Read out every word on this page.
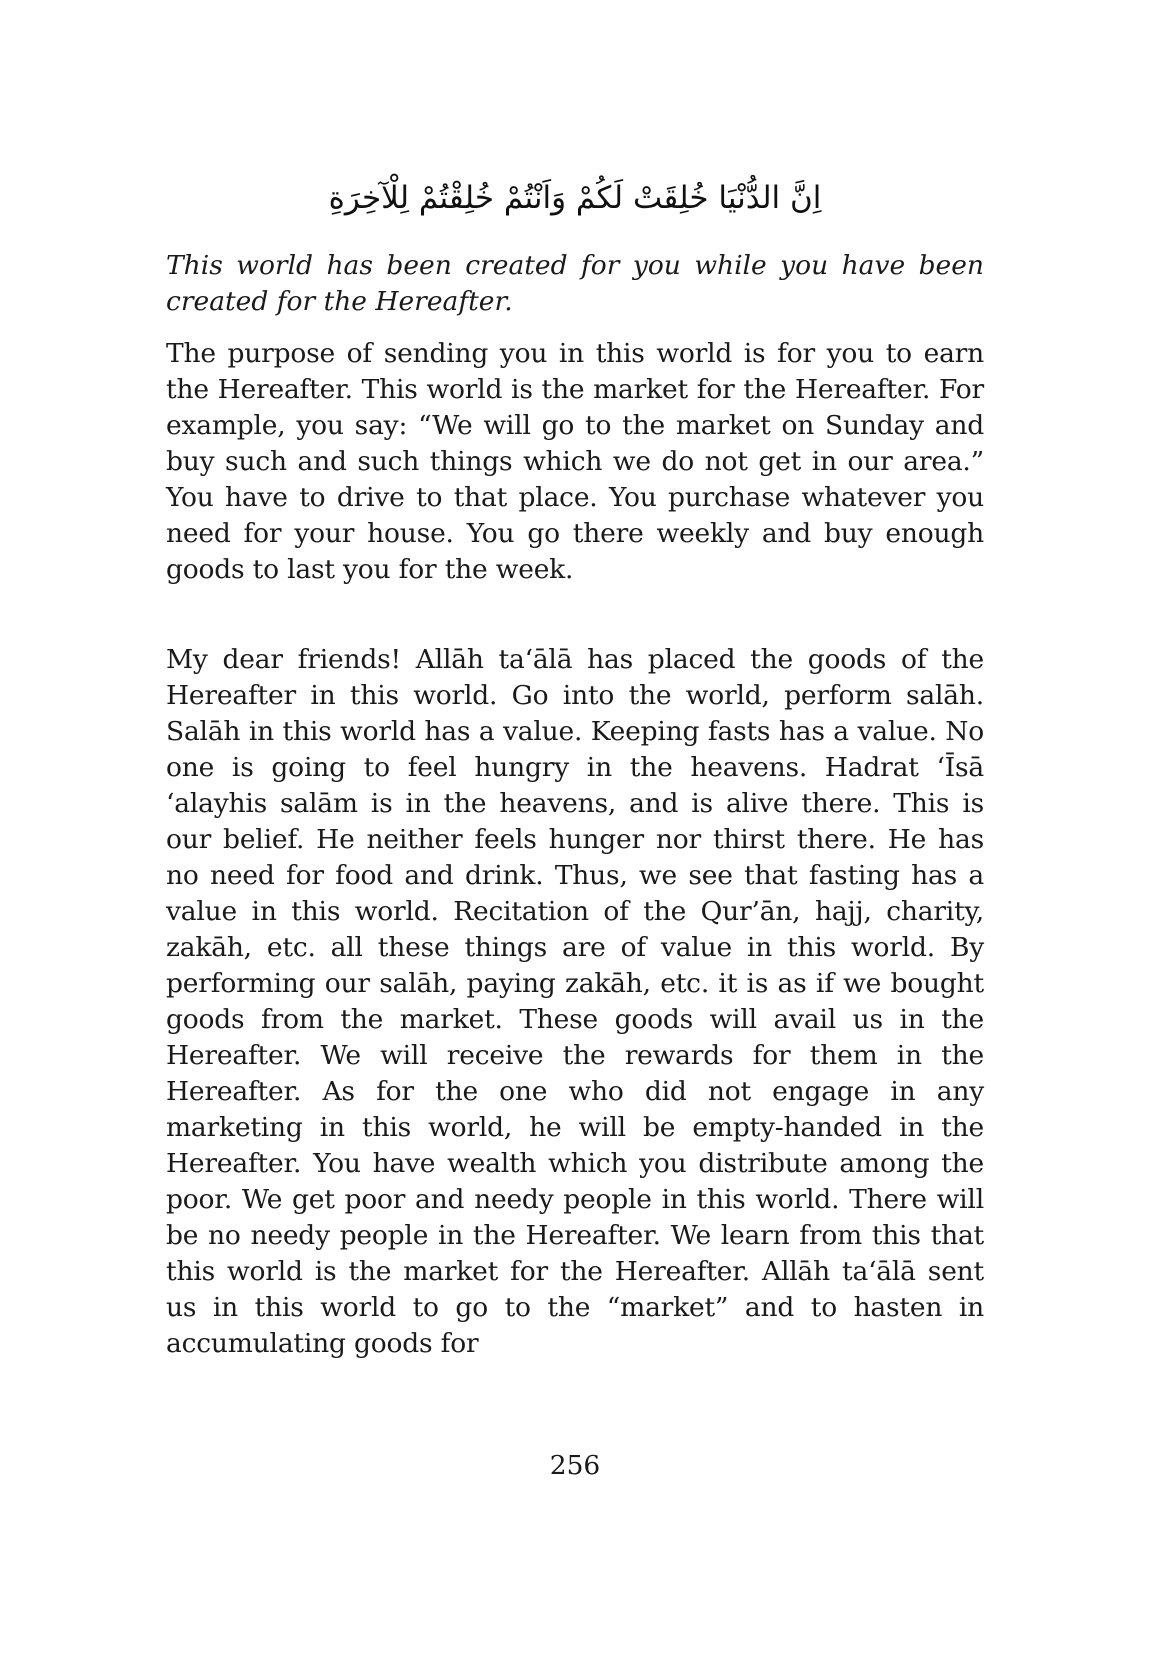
اِنَّ الدُّنْيَا خُلِقَتْ لَكُمْ وَاَنْتُمْ خُلِقْتُمْ لِلْآخِرَةِ

This world has been created for you while you have been created for the Hereafter.

The purpose of sending you in this world is for you to earn the Hereafter. This world is the market for the Hereafter. For example, you say: “We will go to the market on Sunday and buy such and such things which we do not get in our area.” You have to drive to that place. You purchase whatever you need for your house. You go there weekly and buy enough goods to last you for the week.

My dear friends! Allāh ta‘ālā has placed the goods of the Hereafter in this world. Go into the world, perform salāh. Salāh in this world has a value. Keeping fasts has a value. No one is going to feel hungry in the heavens. Hadrat ‘Īsā ‘alayhis salām is in the heavens, and is alive there. This is our belief. He neither feels hunger nor thirst there. He has no need for food and drink. Thus, we see that fasting has a value in this world. Recitation of the Qur’ān, hajj, charity, zakāh, etc. all these things are of value in this world. By performing our salāh, paying zakāh, etc. it is as if we bought goods from the market. These goods will avail us in the Hereafter. We will receive the rewards for them in the Hereafter. As for the one who did not engage in any marketing in this world, he will be empty-handed in the Hereafter. You have wealth which you distribute among the poor. We get poor and needy people in this world. There will be no needy people in the Hereafter. We learn from this that this world is the market for the Hereafter. Allāh ta‘ālā sent us in this world to go to the “market” and to hasten in accumulating goods for

256
